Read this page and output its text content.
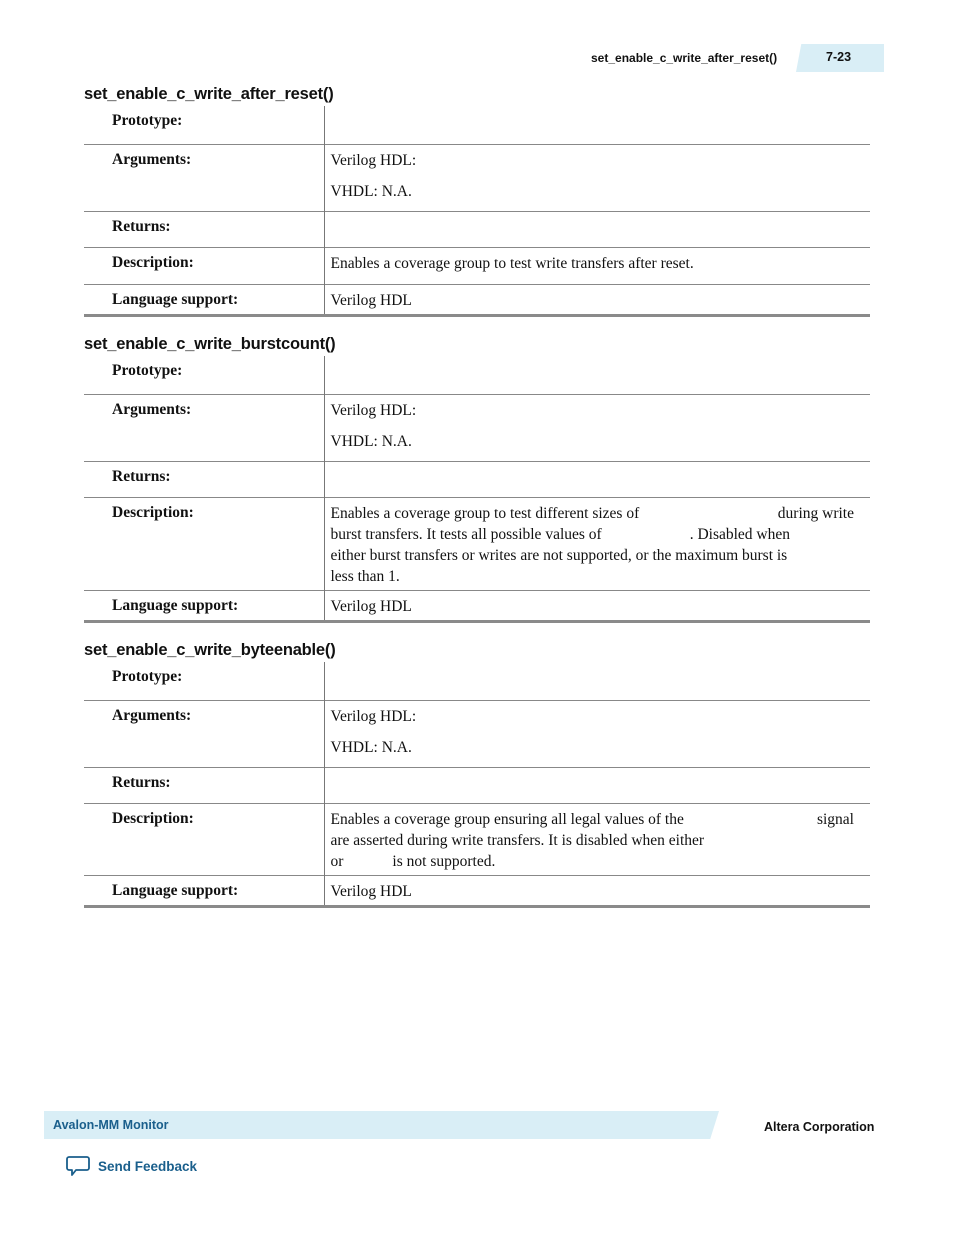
set_enable_c_write_after_reset()	7-23
set_enable_c_write_after_reset()
Prototype:	
Arguments:	Verilog HDL:

VHDL: N.A.

Returns:	
Description:	Enables a coverage group to test write transfers after reset.
Language support:	Verilog HDL
set_enable_c_write_burstcount()
Prototype:	
Arguments:	Verilog HDL:

VHDL: N.A.

Returns:	
Description:	Enables a coverage group to test different sizes of during write
burst transfers. It tests all possible values of . Disabled when
either burst transfers or writes are not supported, or the maximum burst is
less than 1.

Language support:	Verilog HDL
set_enable_c_write_byteenable()
Prototype:	
Arguments:	Verilog HDL:

VHDL: N.A.

Returns:	
Description:	Enables a coverage group ensuring all legal values of the signal
are asserted during write transfers. It is disabled when either
or is not supported.

Language support:	Verilog HDL
Avalon-MM Monitor	Altera Corporation
Send Feedback
